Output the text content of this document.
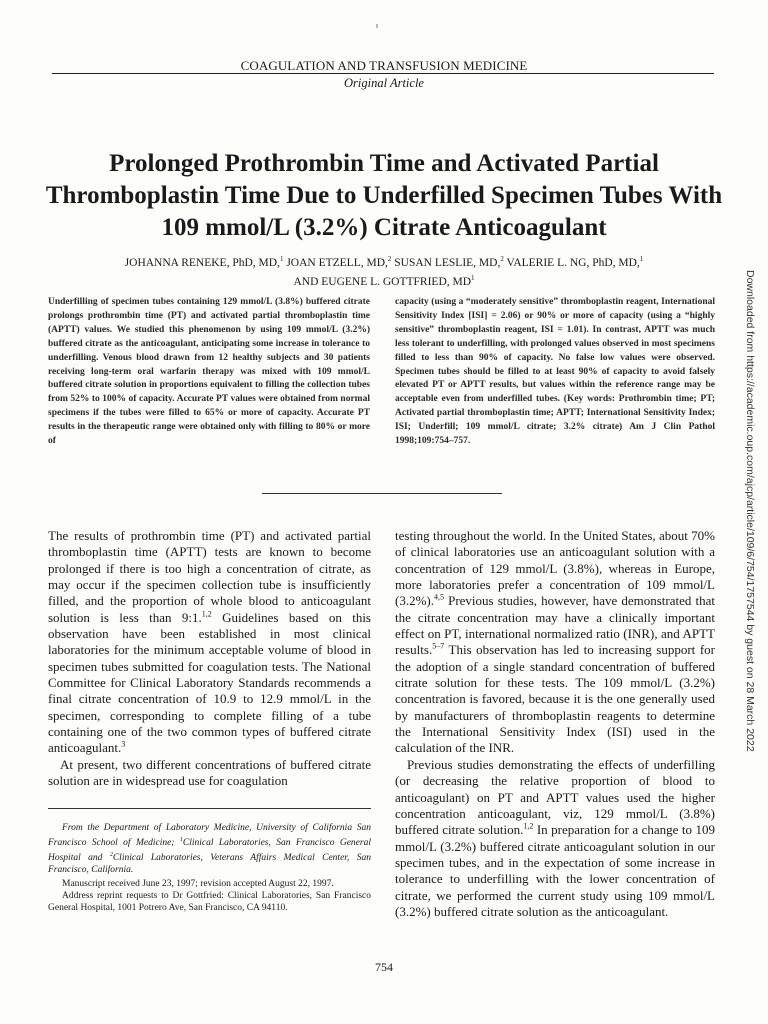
COAGULATION AND TRANSFUSION MEDICINE
Original Article
Prolonged Prothrombin Time and Activated Partial Thromboplastin Time Due to Underfilled Specimen Tubes With 109 mmol/L (3.2%) Citrate Anticoagulant
JOHANNA RENEKE, PhD, MD,$^1$ JOAN ETZELL, MD,$^2$ SUSAN LESLIE, MD,$^2$ VALERIE L. NG, PhD, MD,$^1$
AND EUGENE L. GOTTFRIED, $MD^1$
Underfilling of specimen tubes containing 129 mmol/L (3.8%) buffered citrate prolongs prothrombin time (PT) and activated partial thromboplastin time (APTT) values. We studied this phenomenon by using 109 mmol/L (3.2%) buffered citrate as the anticoagulant, anticipating some increase in tolerance to underfilling. Venous blood drawn from 12 healthy subjects and 30 patients receiving long-term oral warfarin therapy was mixed with 109 mmol/L buffered citrate solution in proportions equivalent to filling the collection tubes from 52% to 100% of capacity. Accurate PT values were obtained from normal specimens if the tubes were filled to 65% or more of capacity. Accurate PT results in the therapeutic range were obtained only with filling to 80% or more of
capacity (using a “moderately sensitive” thromboplastin reagent, International Sensitivity Index [ISI] = 2.06) or 90% or more of capacity (using a “highly sensitive” thromboplastin reagent, ISI = 1.01). In contrast, APTT was much less tolerant to underfilling, with prolonged values observed in most specimens filled to less than 90% of capacity. No false low values were observed. Specimen tubes should be filled to at least 90% of capacity to avoid falsely elevated PT or APTT results, but values within the reference range may be acceptable even from underfilled tubes. (Key words: Prothrombin time; PT; Activated partial thromboplastin time; APTT; International Sensitivity Index; ISI; Underfill; 109 mmol/L citrate; 3.2% citrate) Am J Clin Pathol 1998;109:754–757.

The results of prothrombin time (PT) and activated partial thromboplastin time (APTT) tests are known to become prolonged if there is too high a concentration of citrate, as may occur if the specimen collection tube is insufficiently filled, and the proportion of whole blood to anticoagulant solution is less than 9:1.$^{1,2}$ Guidelines based on this observation have been established in most clinical laboratories for the minimum acceptable volume of blood in specimen tubes submitted for coagulation tests. The National Committee for Clinical Laboratory Standards recommends a final citrate concentration of 10.9 to 12.9 mmol/L in the specimen, corresponding to complete filling of a tube containing one of the two common types of buffered citrate anticoagulant.$^3$

At present, two different concentrations of buffered citrate solution are in widespread use for coagulation

testing throughout the world. In the United States, about 70% of clinical laboratories use an anticoagulant solution with a concentration of 129 mmol/L (3.8%), whereas in Europe, more laboratories prefer a concentration of 109 mmol/L (3.2%).$^{4,5}$ Previous studies, however, have demonstrated that the citrate concentration may have a clinically important effect on PT, international normalized ratio (INR), and APTT results.$^{5-7}$ This observation has led to increasing support for the adoption of a single standard concentration of buffered citrate solution for these tests. The 109 mmol/L (3.2%) concentration is favored, because it is the one generally used by manufacturers of thromboplastin reagents to determine the International Sensitivity Index (ISI) used in the calculation of the INR.

Previous studies demonstrating the effects of underfilling (or decreasing the relative proportion of blood to anticoagulant) on PT and APTT values used the higher concentration anticoagulant, viz, 129 mmol/L (3.8%) buffered citrate solution.$^{1,2}$ In preparation for a change to 109 mmol/L (3.2%) buffered citrate anticoagulant solution in our specimen tubes, and in the expectation of some increase in tolerance to underfilling with the lower concentration of citrate, we performed the current study using 109 mmol/L (3.2%) buffered citrate solution as the anticoagulant.

From the Department of Laboratory Medicine, University of California San Francisco School of Medicine; $^1$Clinical Laboratories, San Francisco General Hospital and $^2$Clinical Laboratories, Veterans Affairs Medical Center, San Francisco, California.

Manuscript received June 23, 1997; revision accepted August 22, 1997.

Address reprint requests to Dr Gottfried: Clinical Laboratories, San Francisco General Hospital, 1001 Potrero Ave, San Francisco, CA 94110.

754
Downloaded from https://academic.oup.com/ajcp/article/109/6/754/1757544 by guest on 28 March 2022
